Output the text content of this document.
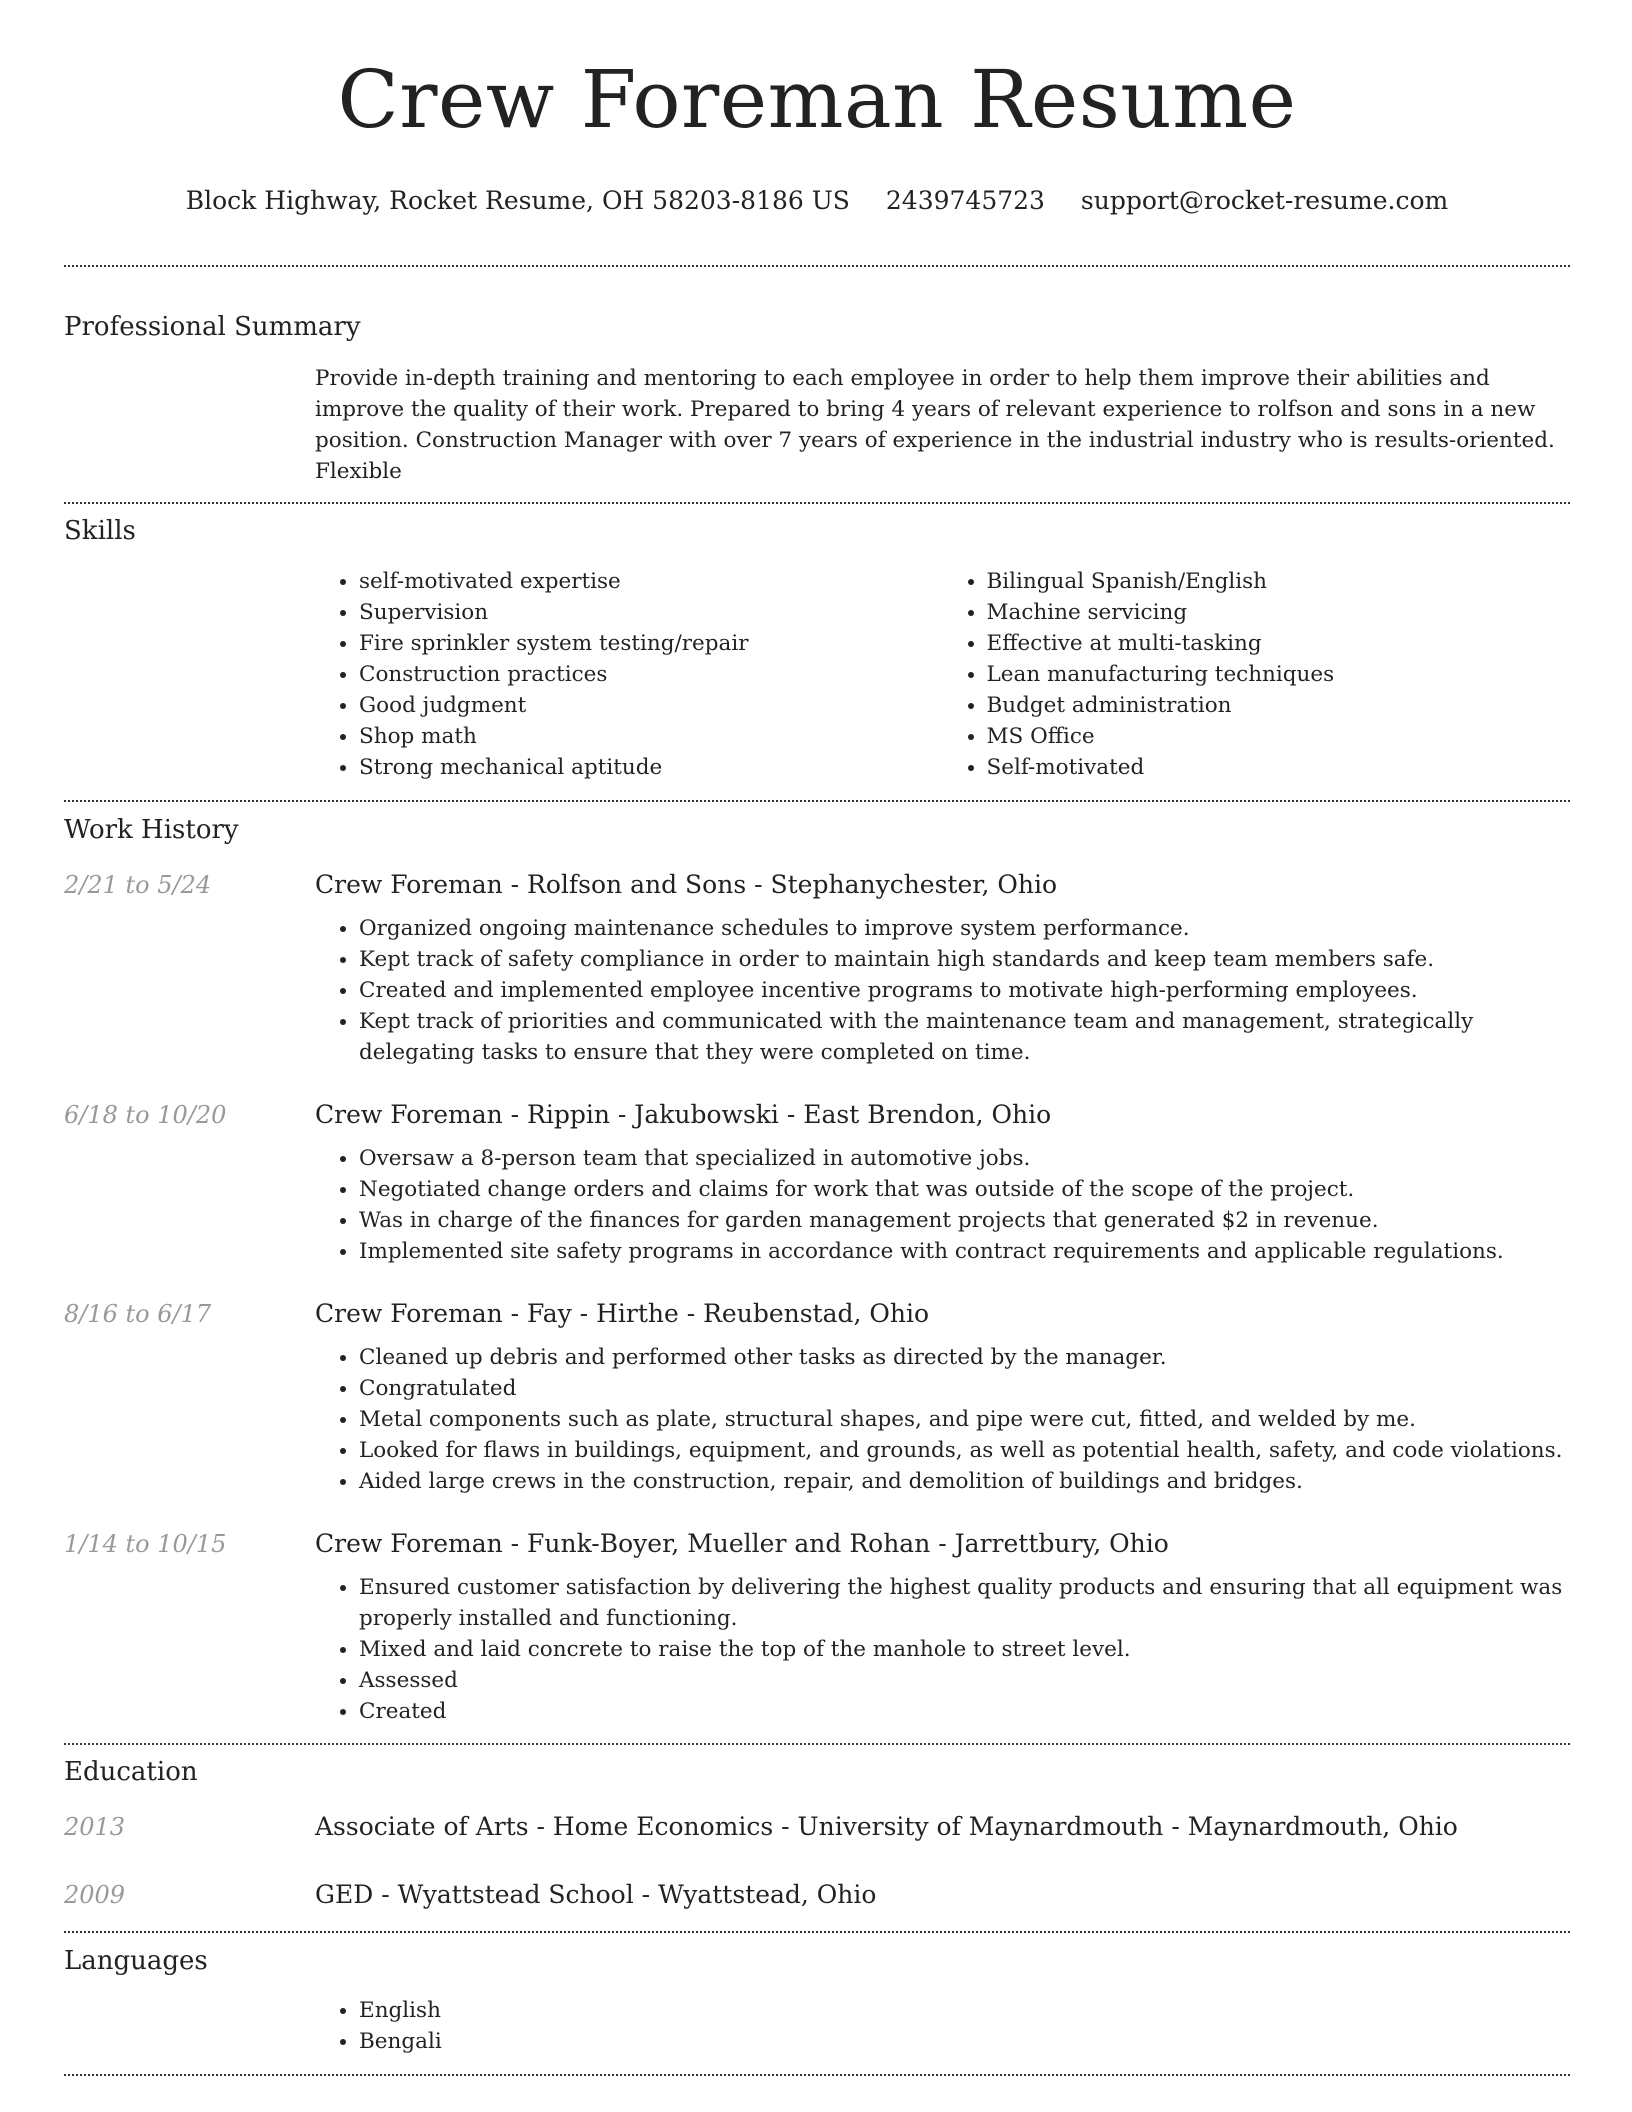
Crew Foreman Resume
Block Highway, Rocket Resume, OH 58203-8186 US 2439745723 support@rocket-resume.com
Professional Summary
Provide in-depth training and mentoring to each employee in order to help them improve their abilities and improve the quality of their work. Prepared to bring 4 years of relevant experience to rolfson and sons in a new position. Construction Manager with over 7 years of experience in the industrial industry who is results-oriented. Flexible
Skills
• self-motivated expertise
• Supervision
• Fire sprinkler system testing/repair
• Construction practices
• Good judgment
• Shop math
• Strong mechanical aptitude
• Bilingual Spanish/English
• Machine servicing
• Effective at multi-tasking
• Lean manufacturing techniques
• Budget administration
• MS Office
• Self-motivated
Work History
2/21 to 5/24	Crew Foreman - Rolfson and Sons - Stephanychester, Ohio
• Organized ongoing maintenance schedules to improve system performance.
• Kept track of safety compliance in order to maintain high standards and keep team members safe.
• Created and implemented employee incentive programs to motivate high-performing employees.
• Kept track of priorities and communicated with the maintenance team and management, strategically delegating tasks to ensure that they were completed on time.
6/18 to 10/20	Crew Foreman - Rippin - Jakubowski - East Brendon, Ohio
• Oversaw a 8-person team that specialized in automotive jobs.
• Negotiated change orders and claims for work that was outside of the scope of the project.
• Was in charge of the finances for garden management projects that generated $2 in revenue.
• Implemented site safety programs in accordance with contract requirements and applicable regulations.
8/16 to 6/17	Crew Foreman - Fay - Hirthe - Reubenstad, Ohio
• Cleaned up debris and performed other tasks as directed by the manager.
• Congratulated
• Metal components such as plate, structural shapes, and pipe were cut, fitted, and welded by me.
• Looked for flaws in buildings, equipment, and grounds, as well as potential health, safety, and code violations.
• Aided large crews in the construction, repair, and demolition of buildings and bridges.
1/14 to 10/15	Crew Foreman - Funk-Boyer, Mueller and Rohan - Jarrettbury, Ohio
• Ensured customer satisfaction by delivering the highest quality products and ensuring that all equipment was properly installed and functioning.
• Mixed and laid concrete to raise the top of the manhole to street level.
• Assessed
• Created
Education
2013	Associate of Arts - Home Economics - University of Maynardmouth - Maynardmouth, Ohio
2009	GED - Wyattstead School - Wyattstead, Ohio
Languages
• English
• Bengali
